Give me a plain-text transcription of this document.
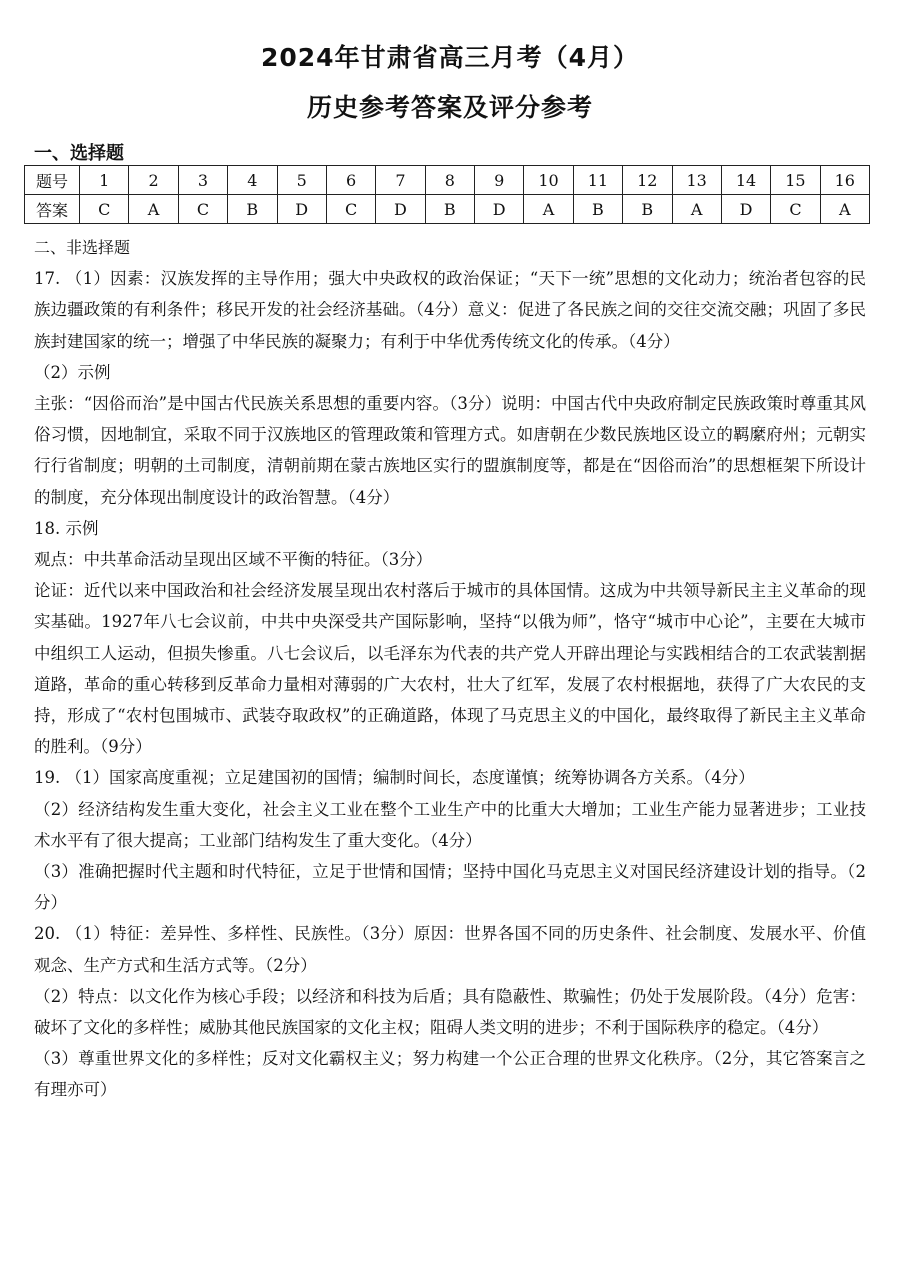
2024年甘肃省高三月考（4月）
历史参考答案及评分参考
一、选择题
题号	1	2	3	4	5	6	7	8	9	10	11	12	13	14	15	16
答案	C	A	C	B	D	C	D	B	D	A	B	B	A	D	C	A

二、非选择题

17. （1）因素：汉族发挥的主导作用；强大中央政权的政治保证；“天下一统”思想的文化动力；统治者包容的民族边疆政策的有利条件；移民开发的社会经济基础。（4分）意义：促进了各民族之间的交往交流交融；巩固了多民族封建国家的统一；增强了中华民族的凝聚力；有利于中华优秀传统文化的传承。（4分）

（2）示例

主张：“因俗而治”是中国古代民族关系思想的重要内容。（3分）说明：中国古代中央政府制定民族政策时尊重其风俗习惯，因地制宜，采取不同于汉族地区的管理政策和管理方式。如唐朝在少数民族地区设立的羁縻府州；元朝实行行省制度；明朝的土司制度，清朝前期在蒙古族地区实行的盟旗制度等，都是在“因俗而治”的思想框架下所设计的制度，充分体现出制度设计的政治智慧。（4分）

18. 示例

观点：中共革命活动呈现出区域不平衡的特征。（3分）

论证：近代以来中国政治和社会经济发展呈现出农村落后于城市的具体国情。这成为中共领导新民主主义革命的现实基础。1927年八七会议前，中共中央深受共产国际影响，坚持“以俄为师”，恪守“城市中心论”，主要在大城市中组织工人运动，但损失惨重。八七会议后，以毛泽东为代表的共产党人开辟出理论与实践相结合的工农武装割据道路，革命的重心转移到反革命力量相对薄弱的广大农村，壮大了红军，发展了农村根据地，获得了广大农民的支持，形成了“农村包围城市、武装夺取政权”的正确道路，体现了马克思主义的中国化，最终取得了新民主主义革命的胜利。（9分）

19. （1）国家高度重视；立足建国初的国情；编制时间长，态度谨慎；统筹协调各方关系。（4分）

（2）经济结构发生重大变化，社会主义工业在整个工业生产中的比重大大增加；工业生产能力显著进步；工业技术水平有了很大提高；工业部门结构发生了重大变化。（4分）

（3）准确把握时代主题和时代特征，立足于世情和国情；坚持中国化马克思主义对国民经济建设计划的指导。（2分）

20. （1）特征：差异性、多样性、民族性。（3分）原因：世界各国不同的历史条件、社会制度、发展水平、价值观念、生产方式和生活方式等。（2分）

（2）特点：以文化作为核心手段；以经济和科技为后盾；具有隐蔽性、欺骗性；仍处于发展阶段。（4分）危害：破坏了文化的多样性；威胁其他民族国家的文化主权；阻碍人类文明的进步；不利于国际秩序的稳定。（4分）

（3）尊重世界文化的多样性；反对文化霸权主义；努力构建一个公正合理的世界文化秩序。（2分，其它答案言之有理亦可）
